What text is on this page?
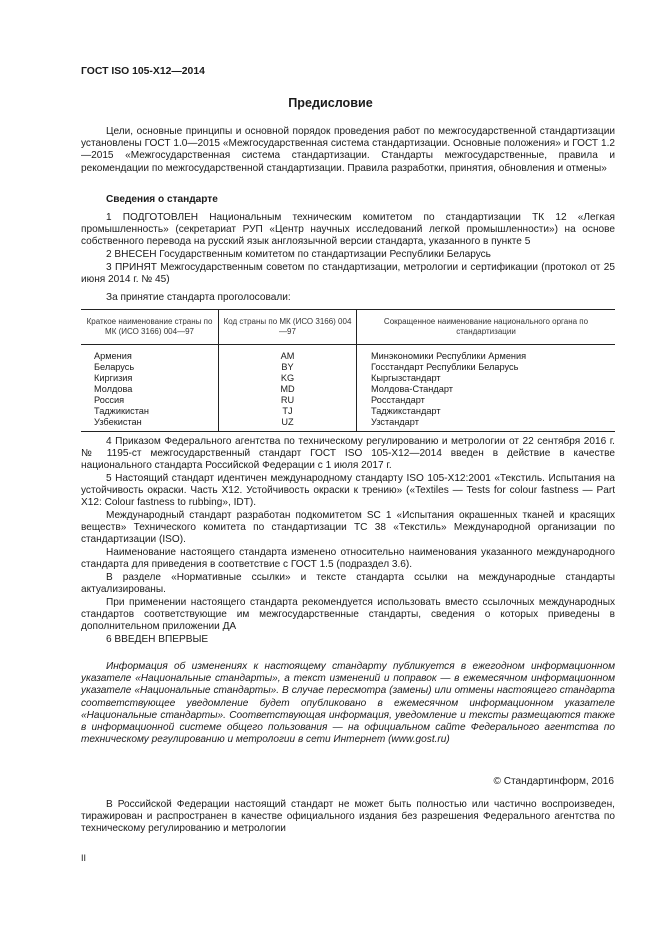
ГОСТ ISO 105-X12—2014
Предисловие
Цели, основные принципы и основной порядок проведения работ по межгосударственной стандартизации установлены ГОСТ 1.0—2015 «Межгосударственная система стандартизации. Основные положения» и ГОСТ 1.2—2015 «Межгосударственная система стандартизации. Стандарты межгосударственные, правила и рекомендации по межгосударственной стандартизации. Правила разработки, принятия, обновления и отмены»
Сведения о стандарте
1 ПОДГОТОВЛЕН Национальным техническим комитетом по стандартизации ТК 12 «Легкая промышленность» (секретариат РУП «Центр научных исследований легкой промышленности») на основе собственного перевода на русский язык англоязычной версии стандарта, указанного в пункте 5
2 ВНЕСЕН Государственным комитетом по стандартизации Республики Беларусь
3 ПРИНЯТ Межгосударственным советом по стандартизации, метрологии и сертификации (протокол от 25 июня 2014 г. № 45)
За принятие стандарта проголосовали:
Краткое наименование страны по МК (ИСО 3166) 004—97	Код страны по МК (ИСО 3166) 004—97	Сокращенное наименование национального органа по стандартизации
Армения	AM	Минэкономики Республики Армения
Беларусь	BY	Госстандарт Республики Беларусь
Киргизия	KG	Кыргызстандарт
Молдова	MD	Молдова-Стандарт
Россия	RU	Росстандарт
Таджикистан	TJ	Таджикстандарт
Узбекистан	UZ	Узстандарт
4 Приказом Федерального агентства по техническому регулированию и метрологии от 22 сентября 2016 г. № 1195-ст межгосударственный стандарт ГОСТ ISO 105-X12—2014 введен в действие в качестве национального стандарта Российской Федерации с 1 июля 2017 г.
5 Настоящий стандарт идентичен международному стандарту ISO 105-X12:2001 «Текстиль. Испытания на устойчивость окраски. Часть X12. Устойчивость окраски к трению» («Textiles — Tests for colour fastness — Part X12: Colour fastness to rubbing», IDT).
Международный стандарт разработан подкомитетом SC 1 «Испытания окрашенных тканей и красящих веществ» Технического комитета по стандартизации ТС 38 «Текстиль» Международной организации по стандартизации (ISO).
Наименование настоящего стандарта изменено относительно наименования указанного международного стандарта для приведения в соответствие с ГОСТ 1.5 (подраздел 3.6).
В разделе «Нормативные ссылки» и тексте стандарта ссылки на международные стандарты актуализированы.
При применении настоящего стандарта рекомендуется использовать вместо ссылочных международных стандартов соответствующие им межгосударственные стандарты, сведения о которых приведены в дополнительном приложении ДА
6 ВВЕДЕН ВПЕРВЫЕ
Информация об изменениях к настоящему стандарту публикуется в ежегодном информационном указателе «Национальные стандарты», а текст изменений и поправок — в ежемесячном информационном указателе «Национальные стандарты». В случае пересмотра (замены) или отмены настоящего стандарта соответствующее уведомление будет опубликовано в ежемесячном информационном указателе «Национальные стандарты». Соответствующая информация, уведомление и тексты размещаются также в информационной системе общего пользования — на официальном сайте Федерального агентства по техническому регулированию и метрологии в сети Интернет (www.gost.ru)
© Стандартинформ, 2016
В Российской Федерации настоящий стандарт не может быть полностью или частично воспроизведен, тиражирован и распространен в качестве официального издания без разрешения Федерального агентства по техническому регулированию и метрологии
II
